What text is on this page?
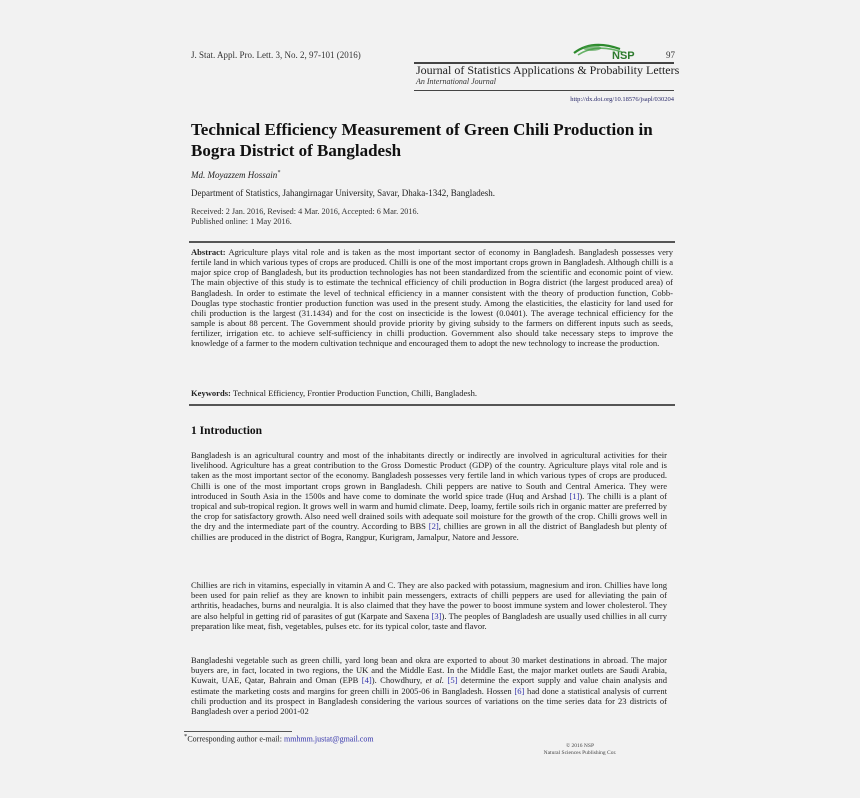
J. Stat. Appl. Pro. Lett. 3, No. 2, 97-101 (2016)	97
NSP
Journal of Statistics Applications & Probability Letters
An International Journal
http://dx.doi.org/10.18576/jsapl/030204
Technical Efficiency Measurement of Green Chili Production in Bogra District of Bangladesh
Md. Moyazzem Hossain*
Department of Statistics, Jahangirnagar University, Savar, Dhaka-1342, Bangladesh.
Received: 2 Jan. 2016, Revised: 4 Mar. 2016, Accepted: 6 Mar. 2016.
Published online: 1 May 2016.

Abstract: Agriculture plays vital role and is taken as the most important sector of economy in Bangladesh. Bangladesh possesses very fertile land in which various types of crops are produced. Chilli is one of the most important crops grown in Bangladesh. Although chilli is a major spice crop of Bangladesh, but its production technologies has not been standardized from the scientific and economic point of view. The main objective of this study is to estimate the technical efficiency of chili production in Bogra district (the largest produced area) of Bangladesh. In order to estimate the level of technical efficiency in a manner consistent with the theory of production function, Cobb-Douglas type stochastic frontier production function was used in the present study. Among the elasticities, the elasticity for land used for chili production is the largest (31.1434) and for the cost on insecticide is the lowest (0.0401). The average technical efficiency for the sample is about 88 percent. The Government should provide priority by giving subsidy to the farmers on different inputs such as seeds, fertilizer, irrigation etc. to achieve self-sufficiency in chilli production. Government also should take necessary steps to improve the knowledge of a farmer to the modern cultivation technique and encouraged them to adopt the new technology to increase the production.

Keywords: Technical Efficiency, Frontier Production Function, Chilli, Bangladesh.
1 Introduction

Bangladesh is an agricultural country and most of the inhabitants directly or indirectly are involved in agricultural activities for their livelihood. Agriculture has a great contribution to the Gross Domestic Product (GDP) of the country. Agriculture plays vital role and is taken as the most important sector of the economy. Bangladesh possesses very fertile land in which various types of crops are produced. Chilli is one of the most important crops grown in Bangladesh. Chili peppers are native to South and Central America. They were introduced in South Asia in the 1500s and have come to dominate the world spice trade (Huq and Arshad [1]). The chilli is a plant of tropical and sub-tropical region. It grows well in warm and humid climate. Deep, loamy, fertile soils rich in organic matter are preferred by the crop for satisfactory growth. Also need well drained soils with adequate soil moisture for the growth of the crop. Chilli grows well in the dry and the intermediate part of the country. According to BBS [2], chillies are grown in all the district of Bangladesh but plenty of chillies are produced in the district of Bogra, Rangpur, Kurigram, Jamalpur, Natore and Jessore.

Chillies are rich in vitamins, especially in vitamin A and C. They are also packed with potassium, magnesium and iron. Chillies have long been used for pain relief as they are known to inhibit pain messengers, extracts of chilli peppers are used for alleviating the pain of arthritis, headaches, burns and neuralgia. It is also claimed that they have the power to boost immune system and lower cholesterol. They are also helpful in getting rid of parasites of gut (Karpate and Saxena [3]). The peoples of Bangladesh are usually used chillies in all curry preparation like meat, fish, vegetables, pulses etc. for its typical color, taste and flavor.

Bangladeshi vegetable such as green chilli, yard long bean and okra are exported to about 30 market destinations in abroad. The major buyers are, in fact, located in two regions, the UK and the Middle East. In the Middle East, the major market outlets are Saudi Arabia, Kuwait, UAE, Qatar, Bahrain and Oman (EPB [4]). Chowdhury, et al. [5] determine the export supply and value chain analysis and estimate the marketing costs and margins for green chilli in 2005-06 in Bangladesh. Hossen [6] had done a statistical analysis of current chili production and its prospect in Bangladesh considering the various sources of variations on the time series data for 23 districts of Bangladesh over a period 2001-02

*Corresponding author e-mail: mmhmm.justat@gmail.com
© 2016 NSP
Natural Sciences Publishing Cor.
